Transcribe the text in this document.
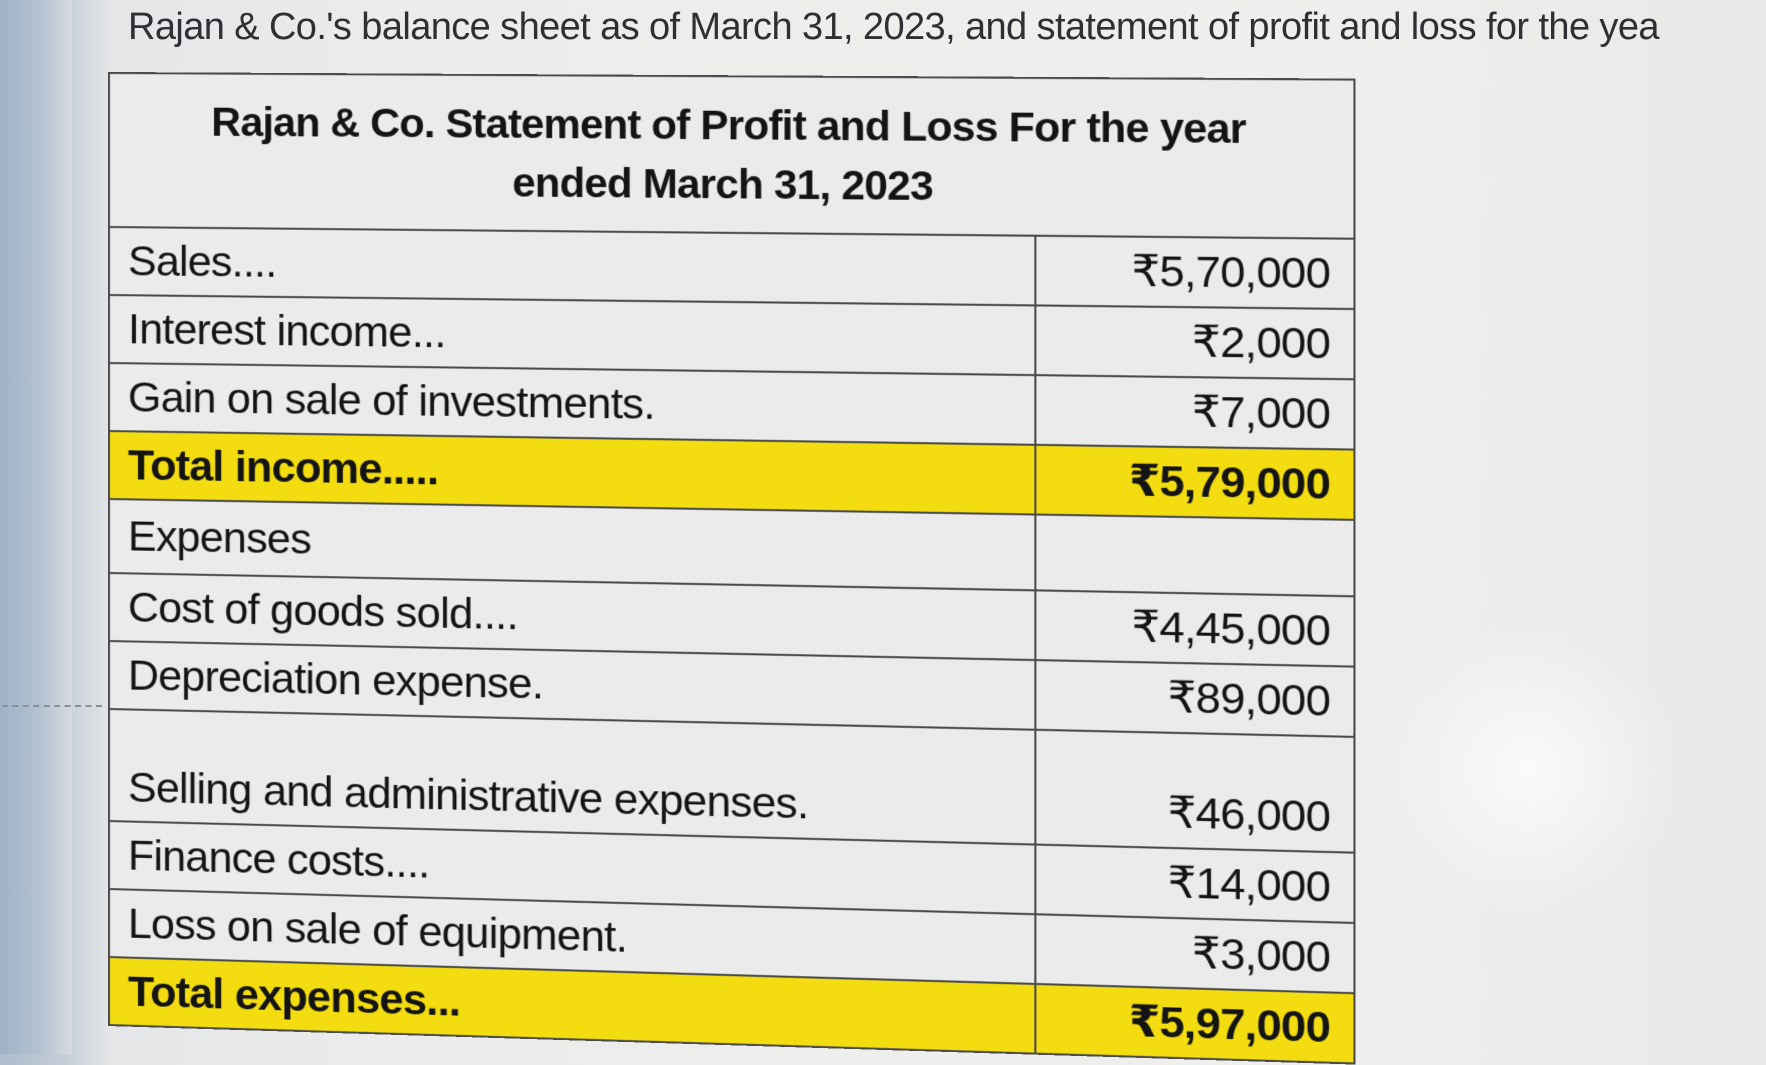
Rajan & Co.'s balance sheet as of March 31, 2023, and statement of profit and loss for the yea
Rajan & Co. Statement of Profit and Loss For the year
ended March 31, 2023	

Sales....	₹5,70,000
Interest income...	₹2,000
Gain on sale of investments.	₹7,000
Total income.....	₹5,79,000
Expenses	
Cost of goods sold....	₹4,45,000
Depreciation expense.	₹89,000
Selling and administrative expenses.	₹46,000
Finance costs....	₹14,000
Loss on sale of equipment.	₹3,000
Total expenses...	₹5,97,000
